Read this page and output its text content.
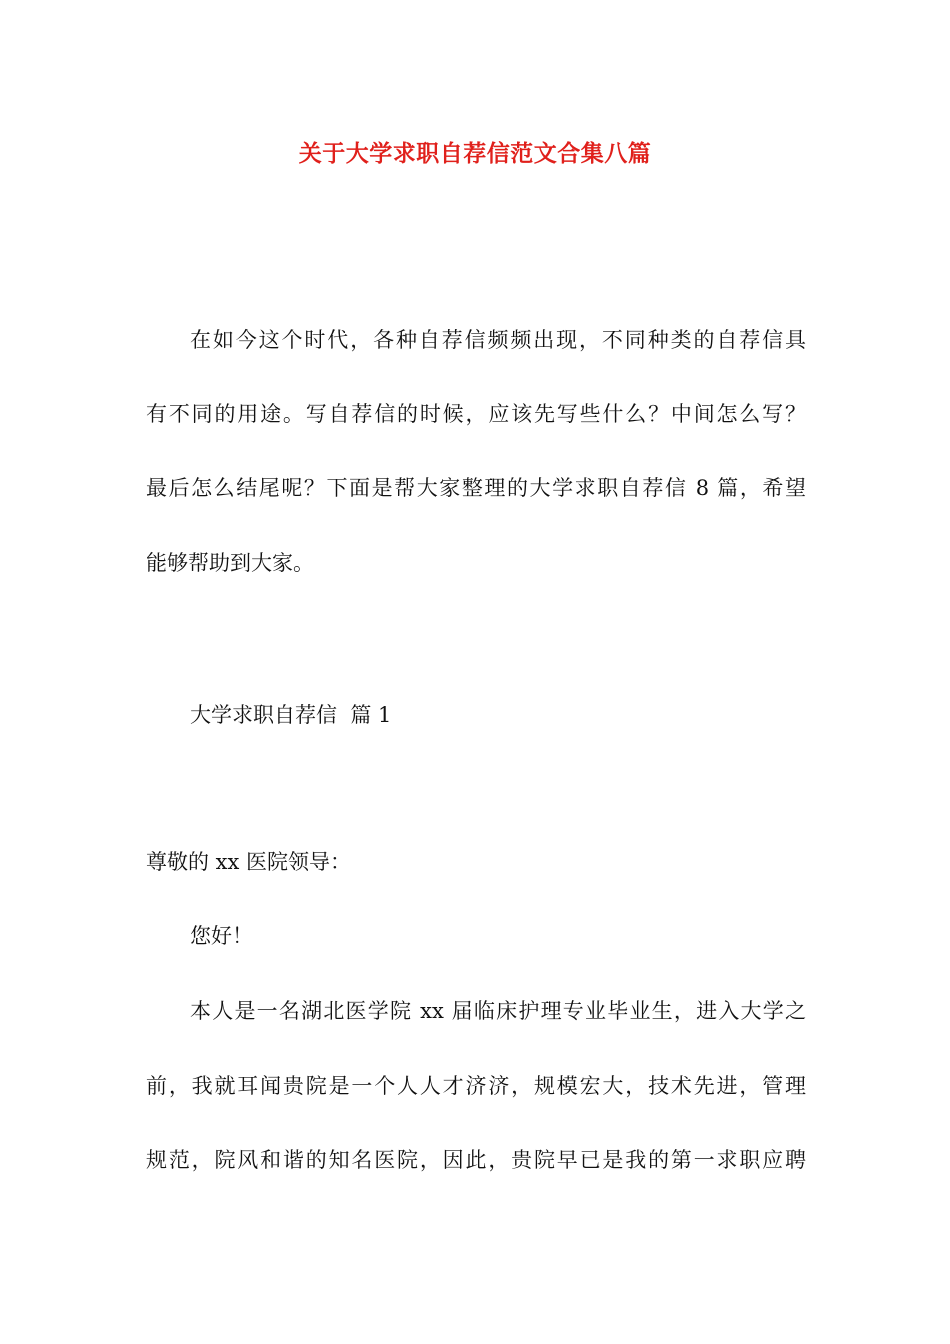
关于大学求职自荐信范文合集八篇

在如今这个时代，各种自荐信频频出现，不同种类的自荐信具

有不同的用途。写自荐信的时候，应该先写些什么？中间怎么写？

最后怎么结尾呢？下面是帮大家整理的大学求职自荐信 8 篇，希望

能够帮助到大家。

大学求职自荐信  篇 1

尊敬的 xx 医院领导：

您好！

本人是一名湖北医学院 xx 届临床护理专业毕业生，进入大学之

前，我就耳闻贵院是一个人人才济济，规模宏大，技术先进，管理

规范，院风和谐的知名医院，因此，贵院早已是我的第一求职应聘
